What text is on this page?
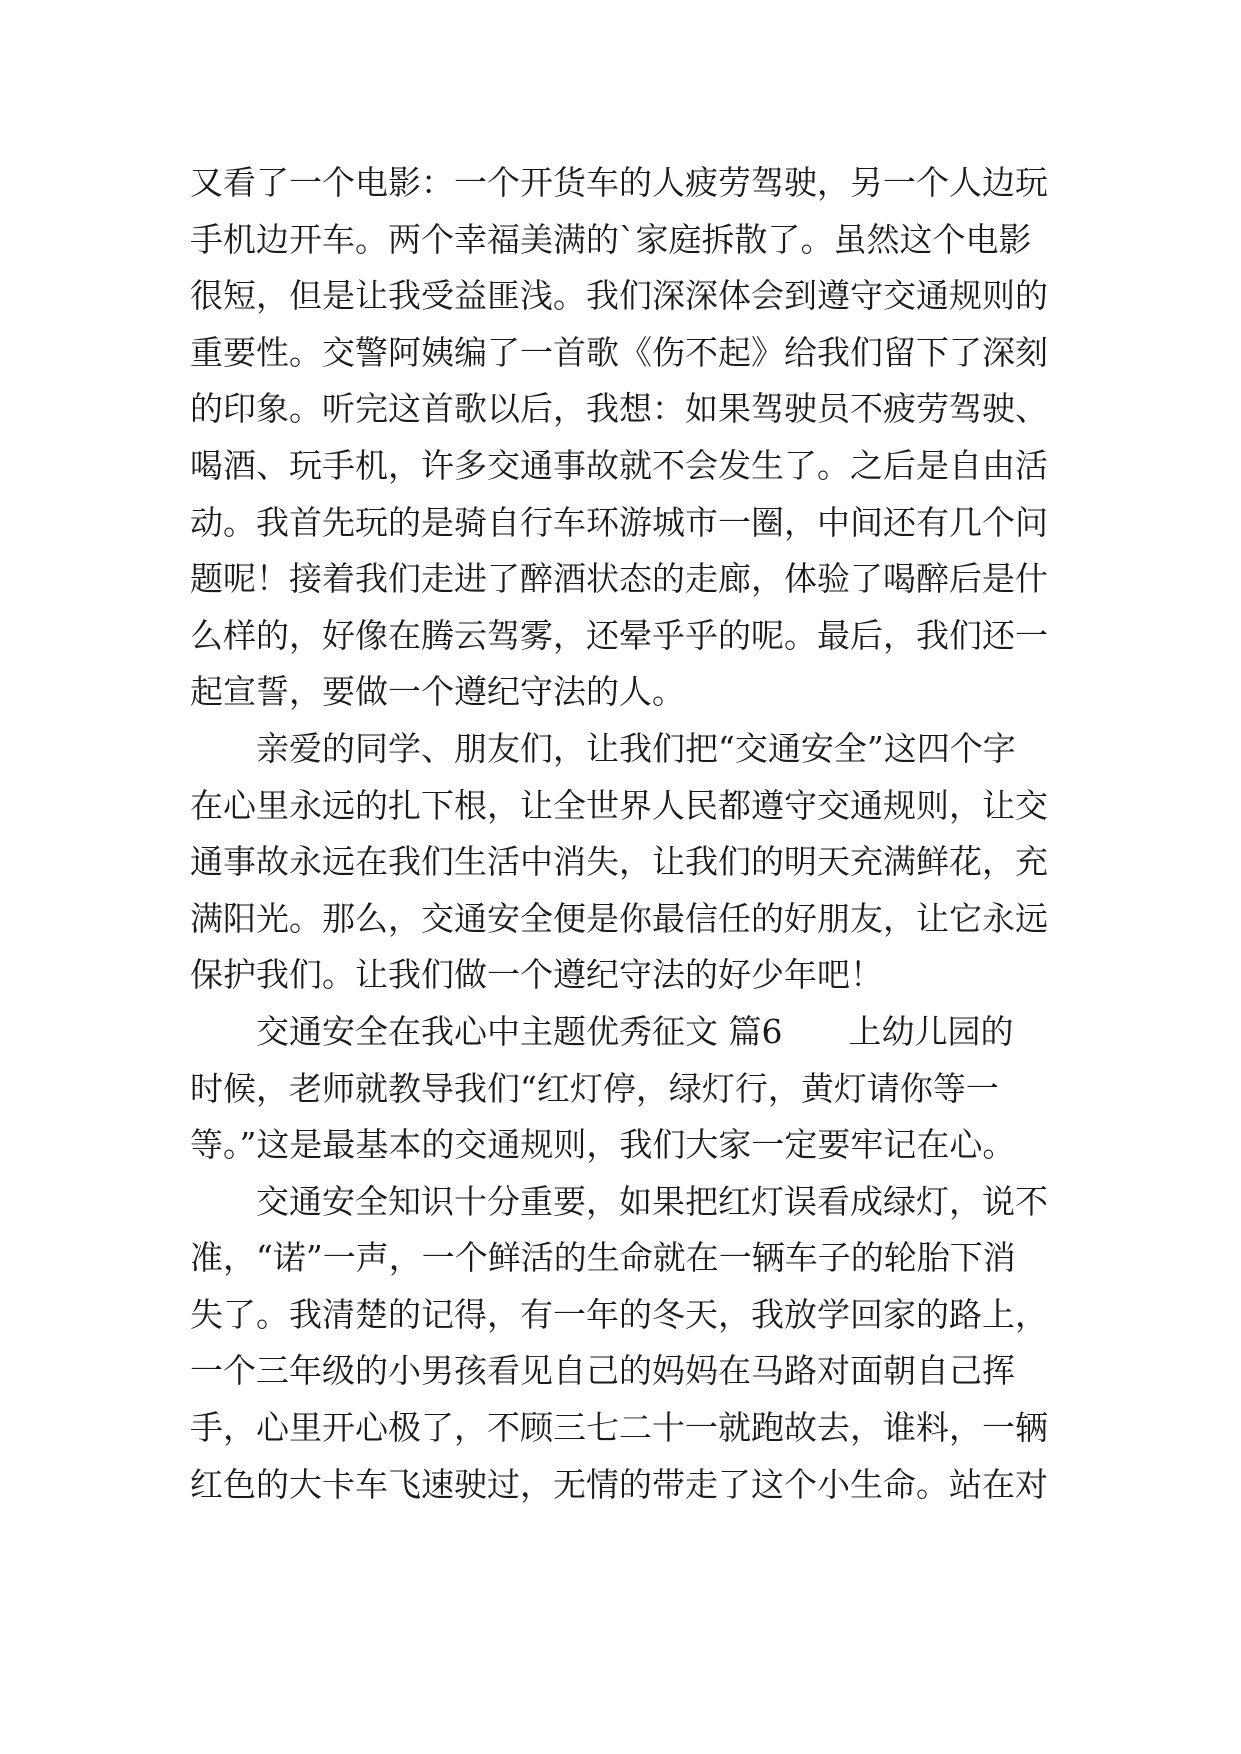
又看了一个电影：一个开货车的人疲劳驾驶，另一个人边玩
手机边开车。两个幸福美满的`家庭拆散了。虽然这个电影
很短，但是让我受益匪浅。我们深深体会到遵守交通规则的
重要性。交警阿姨编了一首歌《伤不起》给我们留下了深刻
的印象。听完这首歌以后，我想：如果驾驶员不疲劳驾驶、
喝酒、玩手机，许多交通事故就不会发生了。之后是自由活
动。我首先玩的是骑自行车环游城市一圈，中间还有几个问
题呢！接着我们走进了醉酒状态的走廊，体验了喝醉后是什
么样的，好像在腾云驾雾，还晕乎乎的呢。最后，我们还一
起宣誓，要做一个遵纪守法的人。
　　亲爱的同学、朋友们，让我们把“交通安全”这四个字
在心里永远的扎下根，让全世界人民都遵守交通规则，让交
通事故永远在我们生活中消失，让我们的明天充满鲜花，充
满阳光。那么，交通安全便是你最信任的好朋友，让它永远
保护我们。让我们做一个遵纪守法的好少年吧！
　　交通安全在我心中主题优秀征文 篇6　　上幼儿园的
时候，老师就教导我们“红灯停，绿灯行，黄灯请你等一
等。”这是最基本的交通规则，我们大家一定要牢记在心。
　　交通安全知识十分重要，如果把红灯误看成绿灯，说不
准，“诺”一声，一个鲜活的生命就在一辆车子的轮胎下消
失了。我清楚的记得，有一年的冬天，我放学回家的路上，
一个三年级的小男孩看见自己的妈妈在马路对面朝自己挥
手，心里开心极了，不顾三七二十一就跑故去，谁料，一辆
红色的大卡车飞速驶过，无情的带走了这个小生命。站在对
